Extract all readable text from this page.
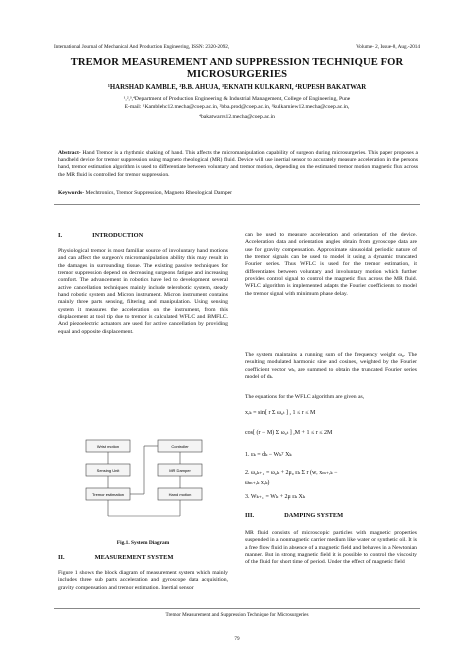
International Journal of Mechanical And Production Engineering, ISSN: 2320-2092,	Volume- 2, Issue-8, Aug.-2014
TREMOR MEASUREMENT AND SUPPRESSION TECHNIQUE FOR
MICROSURGERIES
¹HARSHAD KAMBLE, ²B.B. AHUJA, ³EKNATH KULKARNI, ⁴RUPESH BAKATWAR
¹,²,³,⁴Department of Production Engineering & Industrial Management, College of Engineering, Pune
E-mail: ¹Kamblehc12.mecha@coep.ac.in, ²bba.prod@coep.ac.in, ³kulkarniew12.mecha@coep.ac.in,
⁴bakatwarrs12.mecha@coep.ac.in
Abstract- Hand Tremor is a rhythmic shaking of hand. This affects the micromanipulation capability of surgeon during microsurgeries. This paper proposes a handheld device for tremor suppression using magneto rheological (MR) fluid. Device will use inertial sensor to accurately measure acceleration in the persons hand, tremor estimation algorithm is used to differentiate between voluntary and tremor motion, depending on the estimated tremor motion magnetic flux across the MR fluid is controlled for tremor suppression.
Keywords- Mechtronics, Tremor Suppression, Magneto Rheological Damper
I.	INTRODUCTION
Physiological tremor is most familiar source of involuntary hand motions and can affect the surgeon's micromanipulation ability this may result in the damages in surrounding tissue. The existing passive techniques for tremor suppression depend on decreasing surgeons fatigue and increasing comfort. The advancement in robotics have led to development several active cancellation techniques mainly include telerobotic system, steady hand robotic system and Micron instrument. Micron instrument contains mainly three parts sensing, filtering and manipulation. Using sensing system it measures the acceleration on the instrument, from this displacement at tool tip due to tremor is calculated WFLC and BMFLC. And piezoelectric actuators are used for active cancellation by providing equal and opposite displacement.
Wrist motion
Sensing Unit
Tremor estimation
Controller
MR Damper
Hand motion
Fig.1. System Diagram
II.	MEASUREMENT SYSTEM
Figure 1 shows the block diagram of measurement system which mainly includes three sub parts acceleration and gyroscope data acquisition, gravity compensation and tremor estimation. Inertial sensor
can be used to measure acceleration and orientation of the device. Acceleration data and orientation angles obtain from gyroscope data are use for gravity compensation. Approximate sinusoidal periodic nature of the tremor signals can be used to model it using a dynamic truncated Fourier series. Thus WFLC is used for the tremor estimation, it differentiates between voluntary and involuntary motion which further provides control signal to control the magnetic flux across the MR fluid. WFLC algorithm is implemented adapts the Fourier coefficients to model the tremor signal with minimum phase delay.
The system maintains a running sum of the frequency weight ω₀. The resulting modulated harmonic sine and cosines, weighted by the Fourier coefficient vector wₖ, are summed to obtain the truncated Fourier series model of dₖ.
The equations for the WFLC algorithm are given as,
xᵣₖ = sin[ r Σ ω₀ₜ ] , 1 ≤ r ≤ M
cos[ (r − M) Σ ω₀ₜ ] ,M + 1 ≤ r ≤ 2M
1. εₖ = dₖ − Wₖᵀ Xₖ
2. ω₀ₖ₊₁ = ω₀ₖ + 2μ₀ εₖ Σ r (wᵣ xₘ₊ᵣₖ −
ωₘ₊ᵣₖ xᵣₖ)
3. Wₖ₊₁ = Wₖ + 2μ εₖ Xₖ
III.	DAMPING SYSTEM
MR fluid consists of microscopic particles with magnetic properties suspended in a nonmagnetic carrier medium like water or synthetic oil. It is a free flow fluid in absence of a magnetic field and behaves in a Newtonian manner. But in strong magnetic field it is possible to control the viscosity of the fluid for short time of period. Under the effect of magnetic field
Tremor Measurement and Suppression Technique for Microsurgeries
79
